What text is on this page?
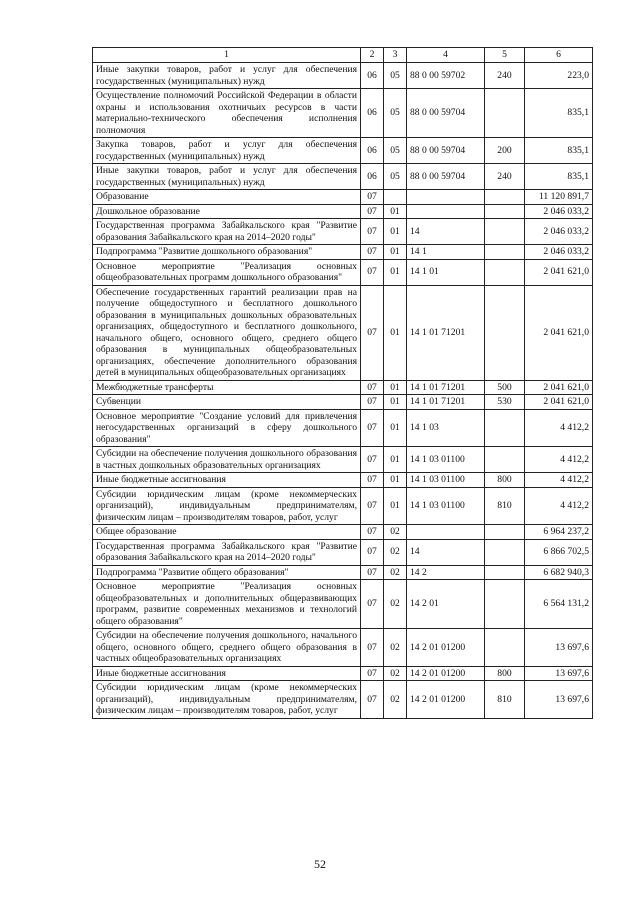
1	2	3	4	5	6
Иные закупки товаров, работ и услуг для обеспечения государственных (муниципальных) нужд	06	05	88 0 00 59702	240	223,0
Осуществление полномочий Российской Федерации в области охраны и использования охотничьих ресурсов в части материально-технического обеспечения исполнения полномочия	06	05	88 0 00 59704		835,1
Закупка товаров, работ и услуг для обеспечения государственных (муниципальных) нужд	06	05	88 0 00 59704	200	835,1
Иные закупки товаров, работ и услуг для обеспечения государственных (муниципальных) нужд	06	05	88 0 00 59704	240	835,1
Образование	07				11 120 891,7
Дошкольное образование	07	01			2 046 033,2
Государственная программа Забайкальского края "Развитие образования Забайкальского края на 2014–2020 годы"	07	01	14		2 046 033,2
Подпрограмма "Развитие дошкольного образования"	07	01	14 1		2 046 033,2
Основное мероприятие "Реализация основных общеобразовательных программ дошкольного образования"	07	01	14 1 01		2 041 621,0
Обеспечение государственных гарантий реализации прав на получение общедоступного и бесплатного дошкольного образования в муниципальных дошкольных образовательных организациях, общедоступного и бесплатного дошкольного, начального общего, основного общего, среднего общего образования в муниципальных общеобразовательных организациях, обеспечение дополнительного образования детей в муниципальных общеобразовательных организациях	07	01	14 1 01 71201		2 041 621,0
Межбюджетные трансферты	07	01	14 1 01 71201	500	2 041 621,0
Субвенции	07	01	14 1 01 71201	530	2 041 621,0
Основное мероприятие "Создание условий для привлечения негосударственных организаций в сферу дошкольного образования"	07	01	14 1 03		4 412,2
Субсидии на обеспечение получения дошкольного образования в частных дошкольных образовательных организациях	07	01	14 1 03 01100		4 412,2
Иные бюджетные ассигнования	07	01	14 1 03 01100	800	4 412,2
Субсидии юридическим лицам (кроме некоммерческих организаций), индивидуальным предпринимателям, физическим лицам – производителям товаров, работ, услуг	07	01	14 1 03 01100	810	4 412,2
Общее образование	07	02			6 964 237,2
Государственная программа Забайкальского края "Развитие образования Забайкальского края на 2014–2020 годы"	07	02	14		6 866 702,5
Подпрограмма "Развитие общего образования"	07	02	14 2		6 682 940,3
Основное мероприятие "Реализация основных общеобразовательных и дополнительных общеразвивающих программ, развитие современных механизмов и технологий общего образования"	07	02	14 2 01		6 564 131,2
Субсидии на обеспечение получения дошкольного, начального общего, основного общего, среднего общего образования в частных общеобразовательных организациях	07	02	14 2 01 01200		13 697,6
Иные бюджетные ассигнования	07	02	14 2 01 01200	800	13 697,6
Субсидии юридическим лицам (кроме некоммерческих организаций), индивидуальным предпринимателям, физическим лицам – производителям товаров, работ, услуг	07	02	14 2 01 01200	810	13 697,6
52
